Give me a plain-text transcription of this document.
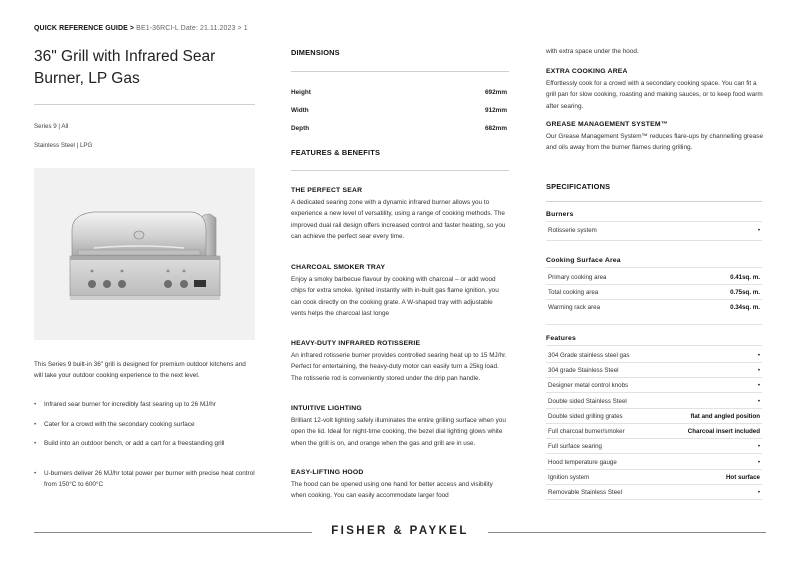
QUICK REFERENCE GUIDE > BE1-36RCI-L Date: 21.11.2023 > 1
36" Grill with Infrared Sear Burner, LP Gas
Series 9 | All
Stainless Steel | LPG

This Series 9 built-in 36" grill is designed for premium outdoor kitchens and will take your outdoor cooking experience to the next level.

• Infrared sear burner for incredibly fast searing up to 26 MJ/hr
• Cater for a crowd with the secondary cooking surface
• Build into an outdoor bench, or add a cart for a freestanding grill
• U-burners deliver 26 MJ/hr total power per burner with precise heat control from 150°C to 600°C
DIMENSIONS
Height	692mm
Width	912mm
Depth	682mm
FEATURES & BENEFITS
THE PERFECT SEAR

A dedicated searing zone with a dynamic infrared burner allows you to experience a new level of versatility, using a range of cooking methods. The improved dual rail design offers increased control and faster heating, so you can achieve the perfect sear every time.

CHARCOAL SMOKER TRAY

Enjoy a smoky barbecue flavour by cooking with charcoal – or add wood chips for extra smoke. Ignited instantly with in-built gas flame ignition, you can cook directly on the cooking grate. A W-shaped tray with adjustable vents helps the charcoal last longe

HEAVY-DUTY INFRARED ROTISSERIE

An infrared rotisserie burner provides controlled searing heat up to 15 MJ/hr. Perfect for entertaining, the heavy-duty motor can easily turn a 25kg load. The rotisserie rod is conveniently stored under the drip pan handle.

INTUITIVE LIGHTING

Brilliant 12-volt lighting safely illuminates the entire grilling surface when you open the lid. Ideal for night-time cooking, the bezel dial lighting glows white when the grill is on, and orange when the gas and grill are in use.

EASY-LIFTING HOOD

The hood can be opened using one hand for better access and visibility when cooking. You can easily accommodate larger food

with extra space under the hood.

EXTRA COOKING AREA

Effortlessly cook for a crowd with a secondary cooking space. You can fit a grill pan for slow cooking, roasting and making sauces, or to keep food warm after searing.

GREASE MANAGEMENT SYSTEM™

Our Grease Management System™ reduces flare-ups by channelling grease and oils away from the burner flames during grilling.

SPECIFICATIONS
Burners
Rotisserie system	•
Cooking Surface Area
Primary cooking area	0.41sq. m.
Total cooking area	0.75sq. m.
Warming rack area	0.34sq. m.
Features
304 Grade stainless steel gas	•
304 grade Stainless Steel	•
Designer metal control knobs	•
Double sided Stainless Steel	•
Double sided grilling grates	flat and angled position
Full charcoal burner/smoker	Charcoal insert included
Full surface searing	•
Hood temperature gauge	•
Ignition system	Hot surface
Removable Stainless Steel	•
FISHER & PAYKEL
